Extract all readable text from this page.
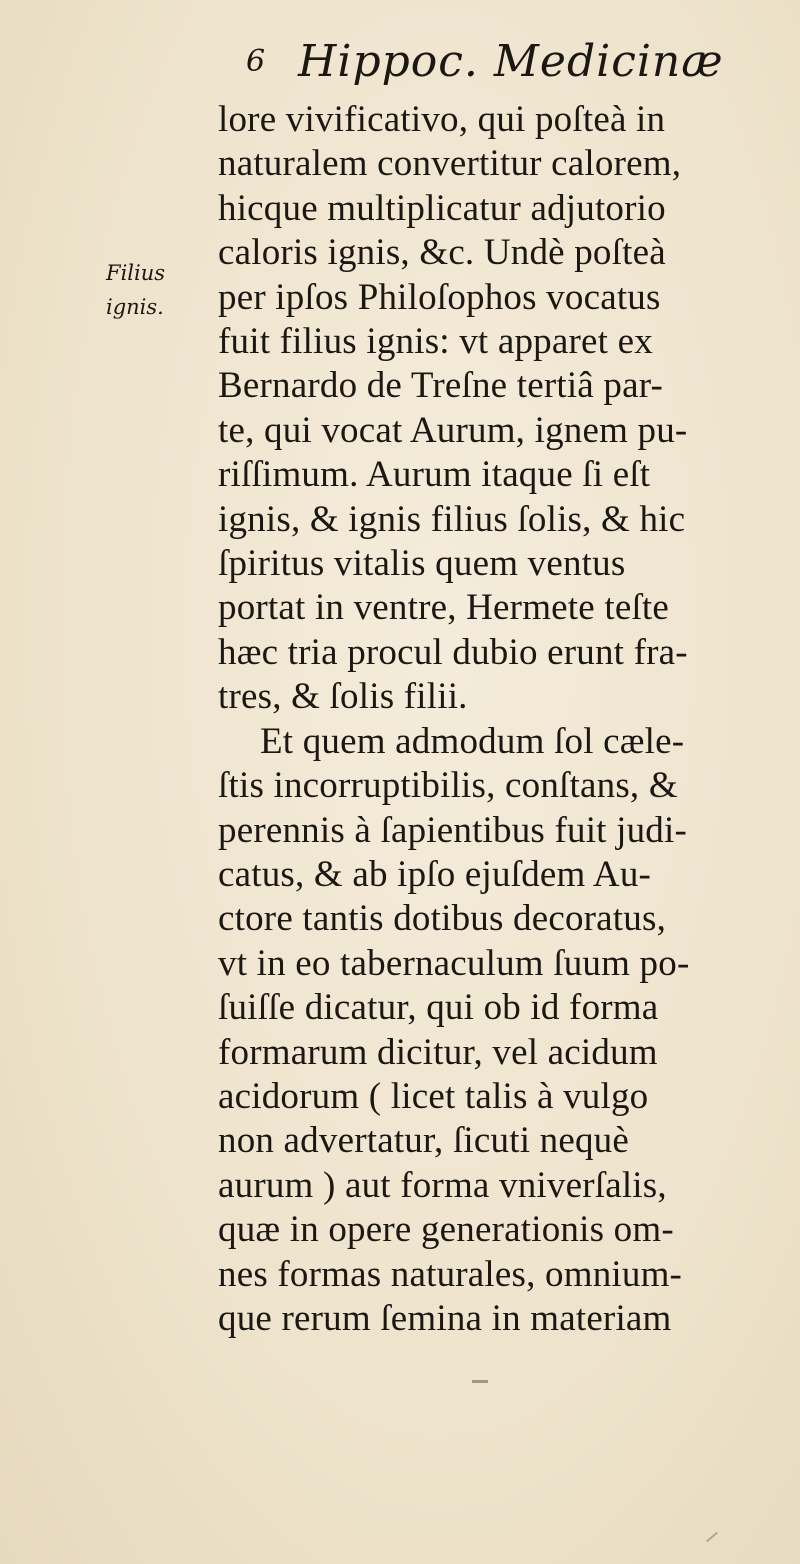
6 Hippoc. Medicinæ
Filius
ignis.
lore vivificativo, qui poſteà in
naturalem convertitur calorem,
hicque multiplicatur adjutorio
caloris ignis, &c. Undè poſteà
per ipſos Philoſophos vocatus
fuit filius ignis: vt apparet ex
Bernardo de Treſne tertiâ par-
te, qui vocat Aurum, ignem pu-
riſſimum. Aurum itaque ſi eſt
ignis, & ignis filius ſolis, & hic
ſpiritus vitalis quem ventus
portat in ventre, Hermete teſte
hæc tria procul dubio erunt fra-
tres, & ſolis filii.
Et quem admodum ſol cæle-
ſtis incorruptibilis, conſtans, &
perennis à ſapientibus fuit judi-
catus, & ab ipſo ejuſdem Au-
ctore tantis dotibus decoratus,
vt in eo tabernaculum ſuum po-
ſuiſſe dicatur, qui ob id forma
formarum dicitur, vel acidum
acidorum ( licet talis à vulgo
non advertatur, ſicuti nequè
aurum ) aut forma vniverſalis,
quæ in opere generationis om-
nes formas naturales, omnium-
que rerum ſemina in materiam
